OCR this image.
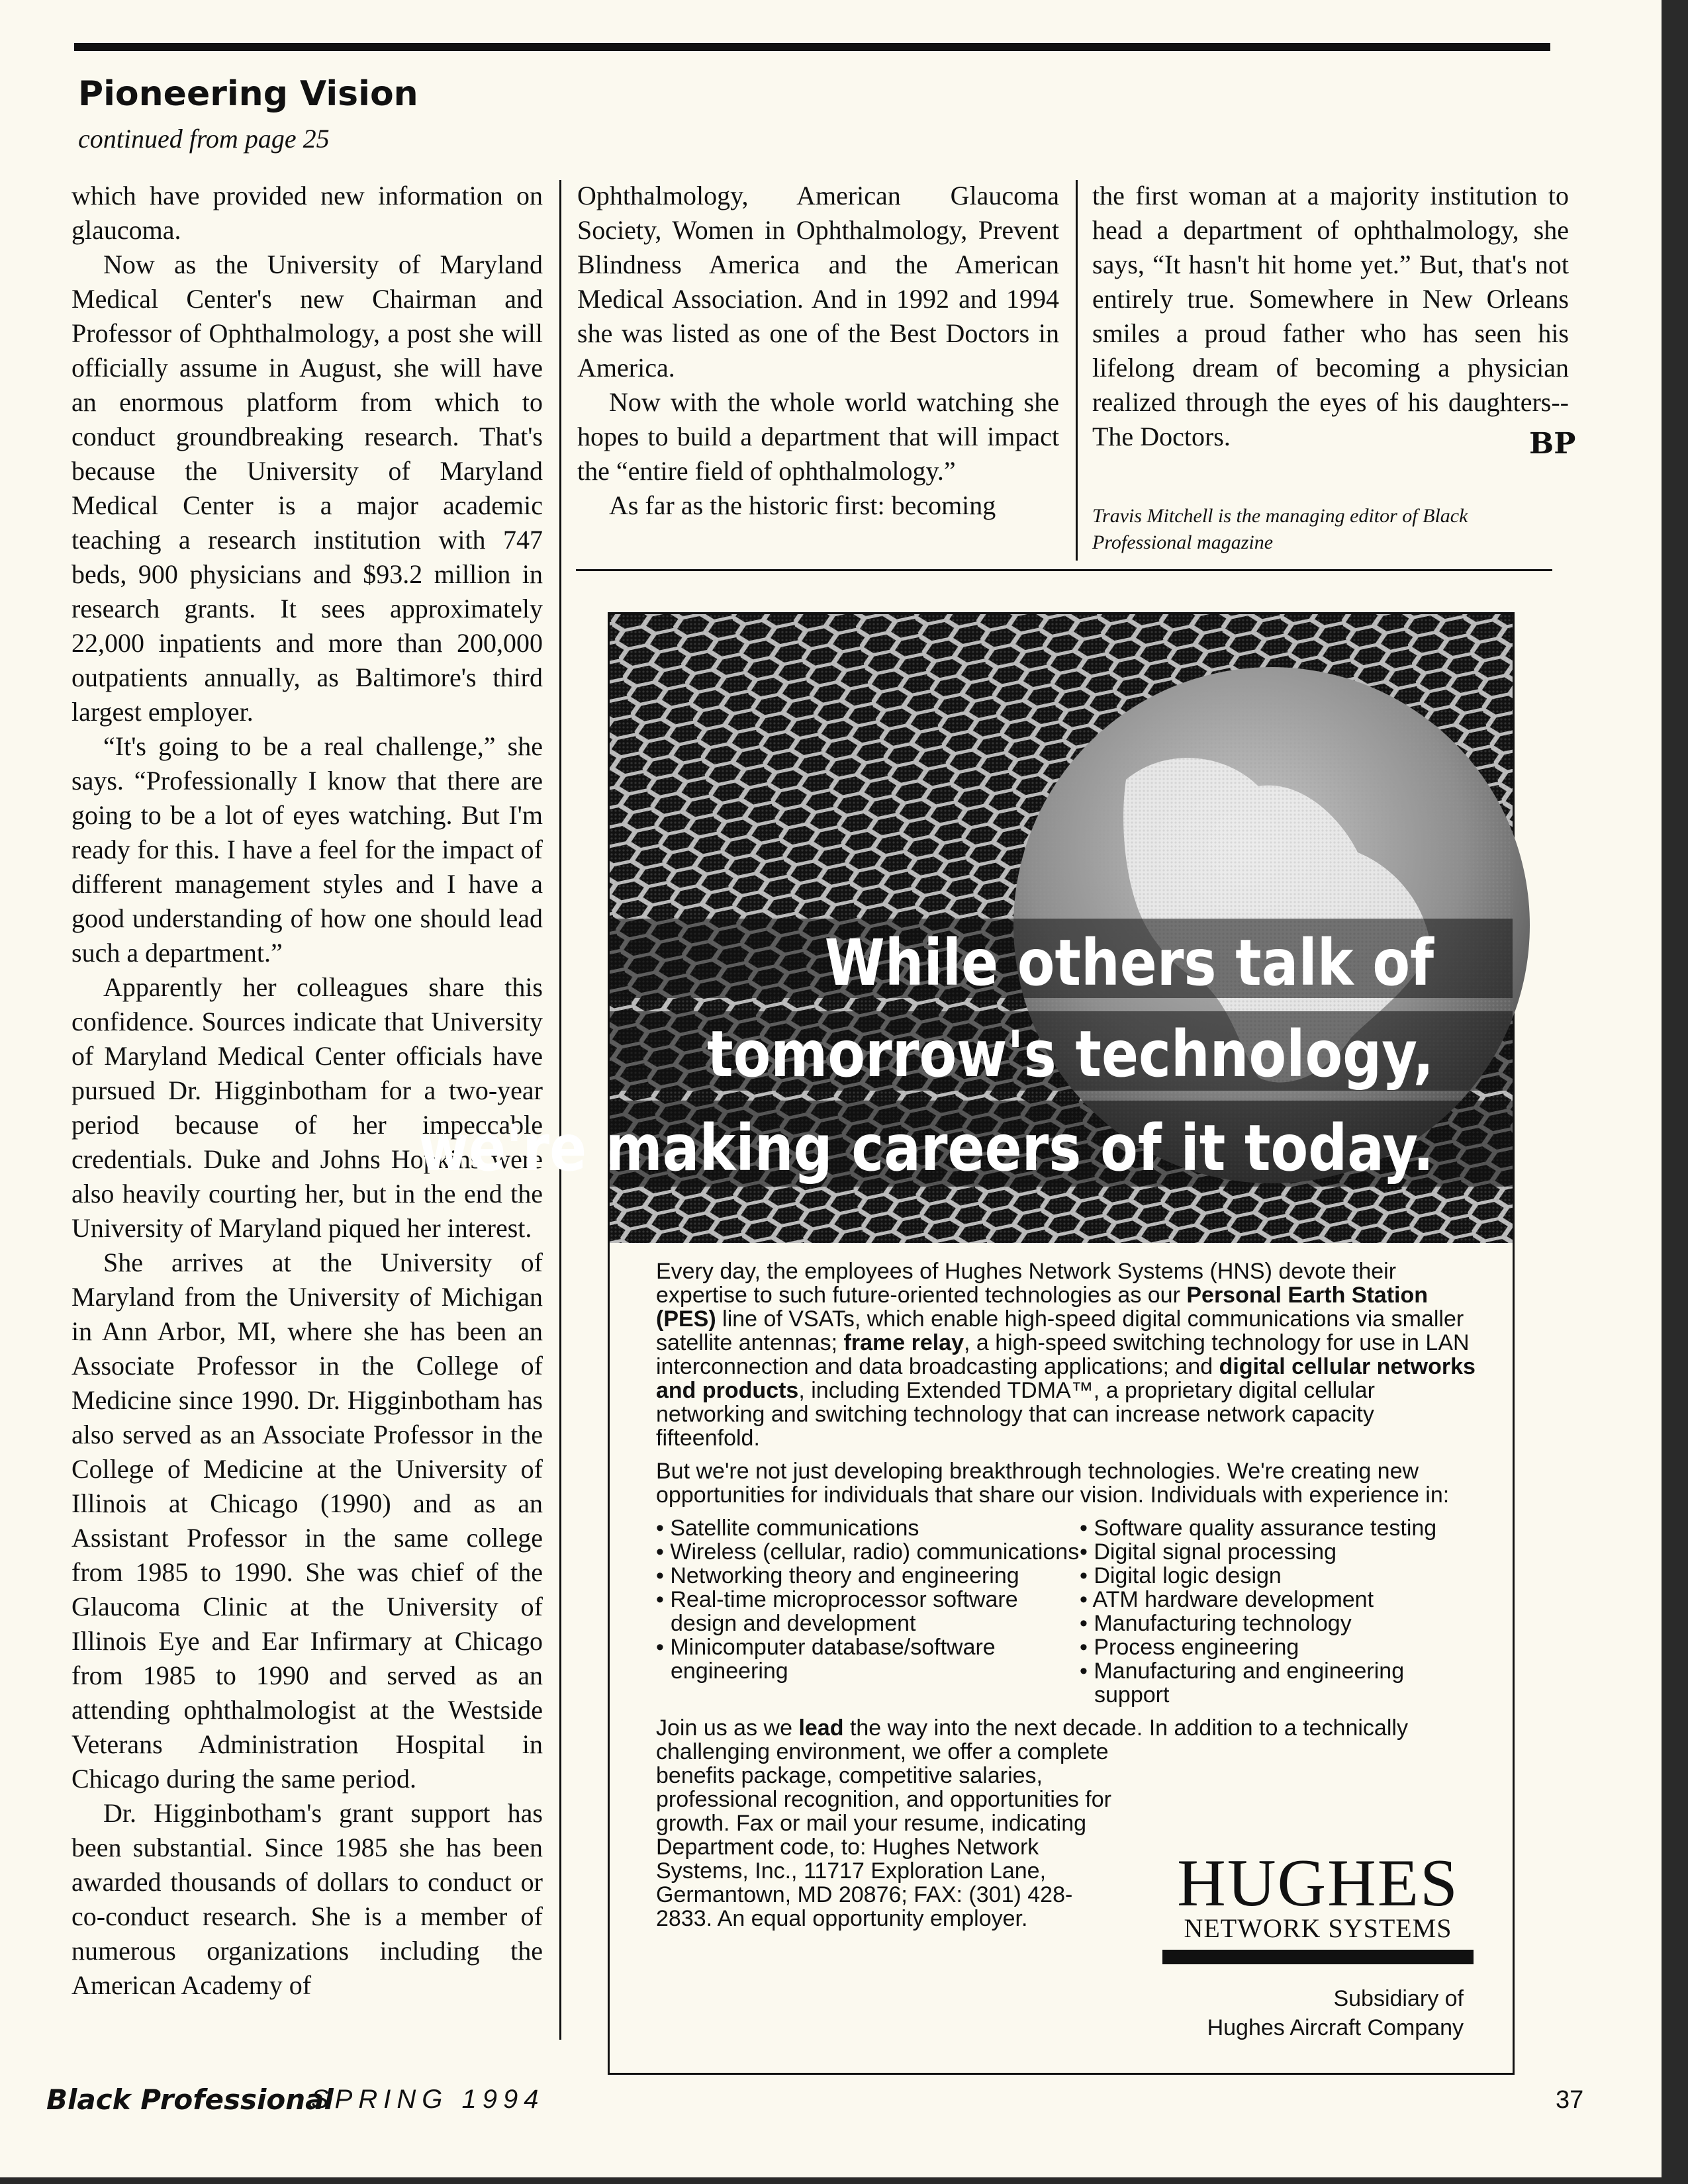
Pioneering Vision
continued from page 25

which have provided new information on glaucoma.

Now as the University of Maryland Medical Center's new Chairman and Professor of Ophthalmology, a post she will officially assume in August, she will have an enormous platform from which to conduct groundbreaking research. That's because the University of Maryland Medical Center is a major academic teaching a research institution with 747 beds, 900 physicians and $93.2 million in research grants. It sees approximately 22,000 inpatients and more than 200,000 outpatients annually, as Baltimore's third largest employer.

“It's going to be a real challenge,” she says. “Professionally I know that there are going to be a lot of eyes watching. But I'm ready for this. I have a feel for the impact of different management styles and I have a good understanding of how one should lead such a department.”

Apparently her colleagues share this confidence. Sources indicate that University of Maryland Medical Center officials have pursued Dr. Higginbotham for a two-year period because of her impeccable credentials. Duke and Johns Hopkins were also heavily courting her, but in the end the University of Maryland piqued her interest.

She arrives at the University of Maryland from the University of Michigan in Ann Arbor, MI, where she has been an Associate Professor in the College of Medicine since 1990. Dr. Higginbotham has also served as an Associate Professor in the College of Medicine at the University of Illinois at Chicago (1990) and as an Assistant Professor in the same college from 1985 to 1990. She was chief of the Glaucoma Clinic at the University of Illinois Eye and Ear Infirmary at Chicago from 1985 to 1990 and served as an attending ophthalmologist at the Westside Veterans Administration Hospital in Chicago during the same period.

Dr. Higginbotham's grant support has been substantial. Since 1985 she has been awarded thousands of dollars to conduct or co-conduct research. She is a member of numerous organizations including the American Academy of

Ophthalmology, American Glaucoma Society, Women in Ophthalmology, Prevent Blindness America and the American Medical Association. And in 1992 and 1994 she was listed as one of the Best Doctors in America.

Now with the whole world watching she hopes to build a department that will impact the “entire field of ophthalmology.”

As far as the historic first: becoming

the first woman at a majority institution to head a department of ophthalmology, she says, “It hasn't hit home yet.” But, that's not entirely true. Somewhere in New Orleans smiles a proud father who has seen his lifelong dream of becoming a physician realized through the eyes of his daughters-- The Doctors.	BP
Travis Mitchell is the managing editor of Black Professional magazine
While others talk of
tomorrow's technology,
we're making careers of it today.

Every day, the employees of Hughes Network Systems (HNS) devote their expertise to such future-oriented technologies as our Personal Earth Station (PES) line of VSATs, which enable high-speed digital communications via smaller satellite antennas; frame relay, a high-speed switching technology for use in LAN interconnection and data broadcasting applications; and digital cellular networks and products, including Extended TDMA™, a proprietary digital cellular networking and switching technology that can increase network capacity fifteenfold.

But we're not just developing breakthrough technologies. We're creating new opportunities for individuals that share our vision. Individuals with experience in:

• Satellite communications
• Wireless (cellular, radio) communications
• Networking theory and engineering
• Real-time microprocessor software design and development
• Minicomputer database/software engineering
• Software quality assurance testing
• Digital signal processing
• Digital logic design
• ATM hardware development
• Manufacturing technology
• Process engineering
• Manufacturing and engineering support
Join us as we lead the way into the next decade. In addition to a technically
challenging environment, we offer a complete benefits package, competitive salaries, professional recognition, and opportunities for growth. Fax or mail your resume, indicating Department code, to: Hughes Network Systems, Inc., 11717 Exploration Lane, Germantown, MD 20876; FAX: (301) 428-2833. An equal opportunity employer.	HUGHES
NETWORK SYSTEMS
Subsidiary of
Hughes Aircraft Company
Black Professional
SPRING 1994	37
